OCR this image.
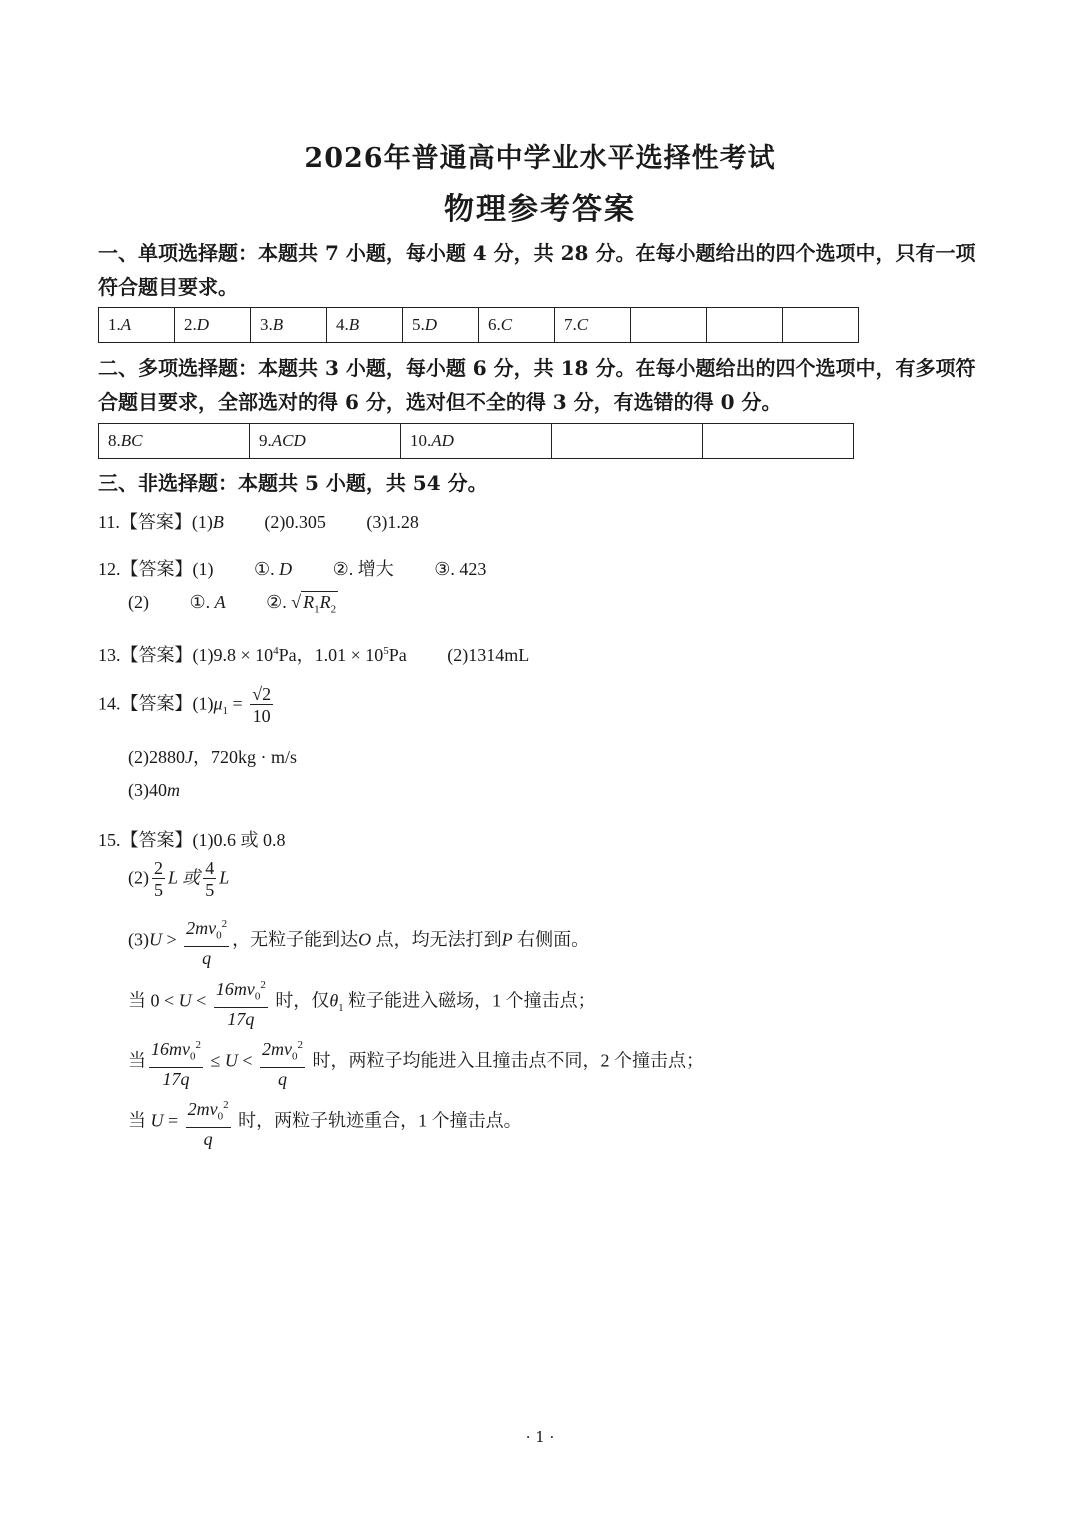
2026年普通高中学业水平选择性考试
物理参考答案
一、单项选择题：本题共 7 小题，每小题 4 分，共 28 分。在每小题给出的四个选项中，只有一项符合题目要求。
1.A	2.D	3.B	4.B	5.D	6.C	7.C			
二、多项选择题：本题共 3 小题，每小题 6 分，共 18 分。在每小题给出的四个选项中，有多项符合题目要求，全部选对的得 6 分，选对但不全的得 3 分，有选错的得 0 分。
8.BC	9.ACD	10.AD		
三、非选择题：本题共 5 小题，共 54 分。
11.【答案】(1)B (2)0.305 (3)1.28
12.【答案】(1) ①. D ②. 增大 ③. 423
(2) ①. A ②. √ $R_1R_2$
13.【答案】$(1)9.8 \times 10^4Pa$，$1.01 \times 10^5Pa$ (2)1314mL
14.【答案】$(1)\mu_1 = \frac{√2}{10}$
(2)2880J，720kg · m/s
(3)40m
15.【答案】(1)0.6 或 0.8
$(2) \frac{2}{5}$ L 或 $\frac{4}{5}$ L
$(3)U > \frac{2mv_0^2}{q}$ ，无粒子能到达O 点，均无法打到P 右侧面。
当 $0 < U < \frac{16mv_0^2}{17q}$ 时，仅$\theta_1$ 粒子能进入磁场，1 个撞击点；
当 $\frac{16mv_0^2}{17q} \le U < \frac{2mv_0^2}{q}$ 时，两粒子均能进入且撞击点不同，2 个撞击点；
当 $U = \frac{2mv_0^2}{q}$ 时，两粒子轨迹重合，1 个撞击点。
· 1 ·
